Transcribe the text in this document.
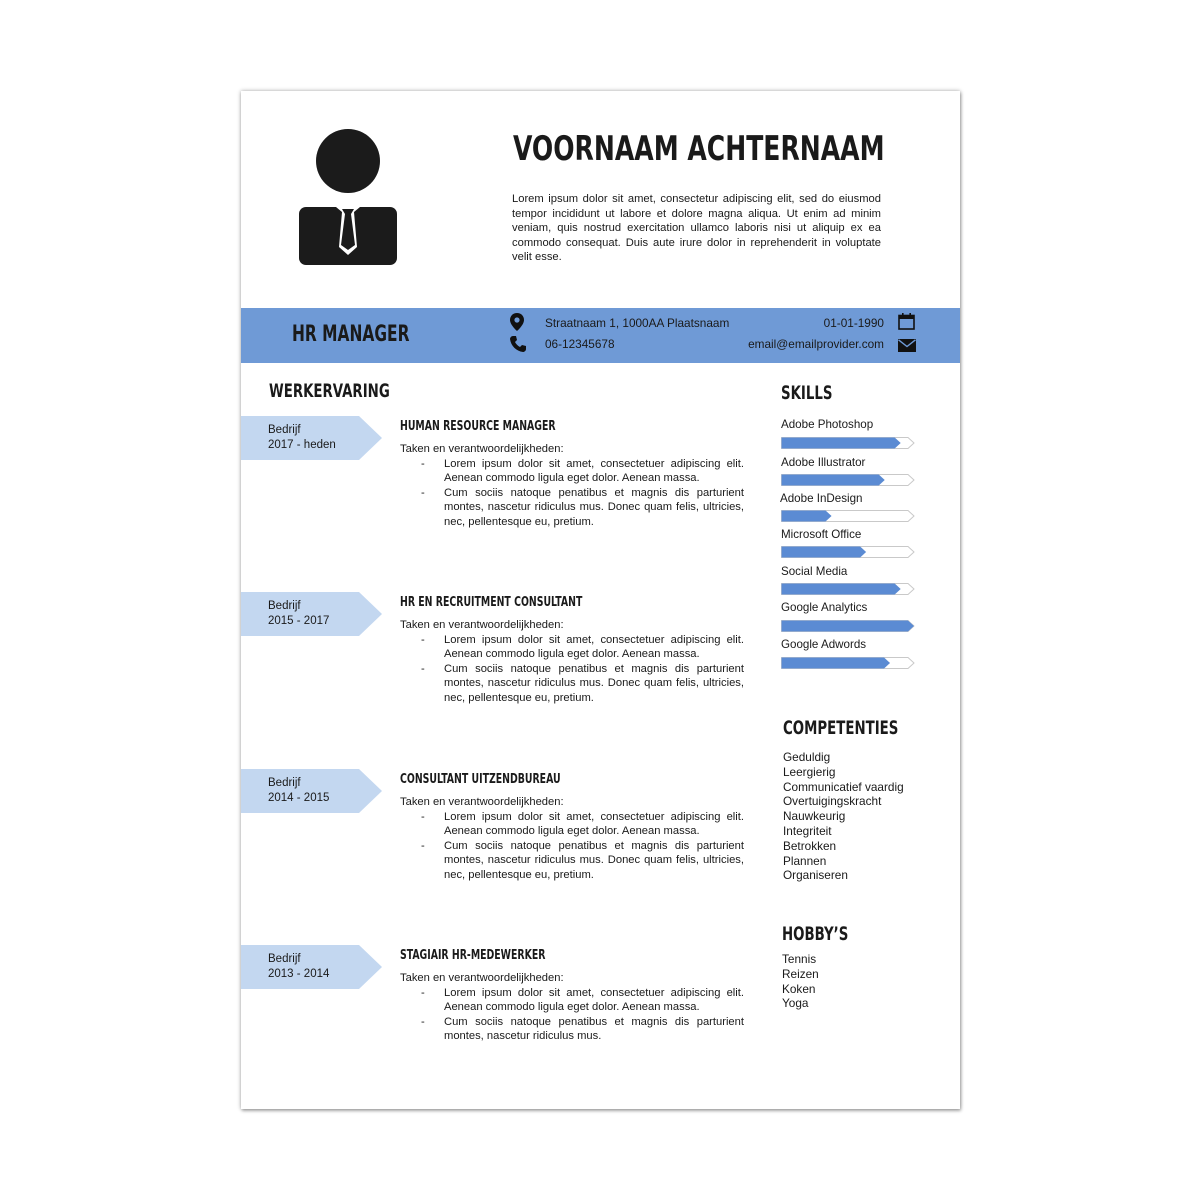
VOORNAAM ACHTERNAAM
Lorem ipsum dolor sit amet, consectetur adipiscing elit, sed do eiusmod tempor incididunt ut labore et dolore magna aliqua. Ut enim ad minim veniam, quis nostrud exercitation ullamco laboris nisi ut aliquip ex ea commodo consequat. Duis aute irure dolor in reprehenderit in voluptate velit esse.
HR MANAGER	Straatnaam 1, 1000AA Plaatsnaam
06-12345678
01-01-1990
email@emailprovider.com
WERKERVARING
Bedrijf
2017 - heden
HUMAN RESOURCE MANAGER
Taken en verantwoordelijkheden:
- Lorem ipsum dolor sit amet, consectetuer adipiscing elit. Aenean commodo ligula eget dolor. Aenean massa.
- Cum sociis natoque penatibus et magnis dis parturient montes, nascetur ridiculus mus. Donec quam felis, ultricies, nec, pellentesque eu, pretium.
Bedrijf
2015 - 2017
HR EN RECRUITMENT CONSULTANT
Taken en verantwoordelijkheden:
- Lorem ipsum dolor sit amet, consectetuer adipiscing elit. Aenean commodo ligula eget dolor. Aenean massa.
- Cum sociis natoque penatibus et magnis dis parturient montes, nascetur ridiculus mus. Donec quam felis, ultricies, nec, pellentesque eu, pretium.
Bedrijf
2014 - 2015
CONSULTANT UITZENDBUREAU
Taken en verantwoordelijkheden:
- Lorem ipsum dolor sit amet, consectetuer adipiscing elit. Aenean commodo ligula eget dolor. Aenean massa.
- Cum sociis natoque penatibus et magnis dis parturient montes, nascetur ridiculus mus. Donec quam felis, ultricies, nec, pellentesque eu, pretium.
Bedrijf
2013 - 2014
STAGIAIR HR-MEDEWERKER
Taken en verantwoordelijkheden:
- Lorem ipsum dolor sit amet, consectetuer adipiscing elit. Aenean commodo ligula eget dolor. Aenean massa.
- Cum sociis natoque penatibus et magnis dis parturient montes, nascetur ridiculus mus.
SKILLS
Adobe Photoshop
Adobe Illustrator
Adobe InDesign
Microsoft Office
Social Media
Google Analytics
Google Adwords
COMPETENTIES
Geduldig
Leergierig
Communicatief vaardig
Overtuigingskracht
Nauwkeurig
Integriteit
Betrokken
Plannen
Organiseren
HOBBY’S
Tennis
Reizen
Koken
Yoga
